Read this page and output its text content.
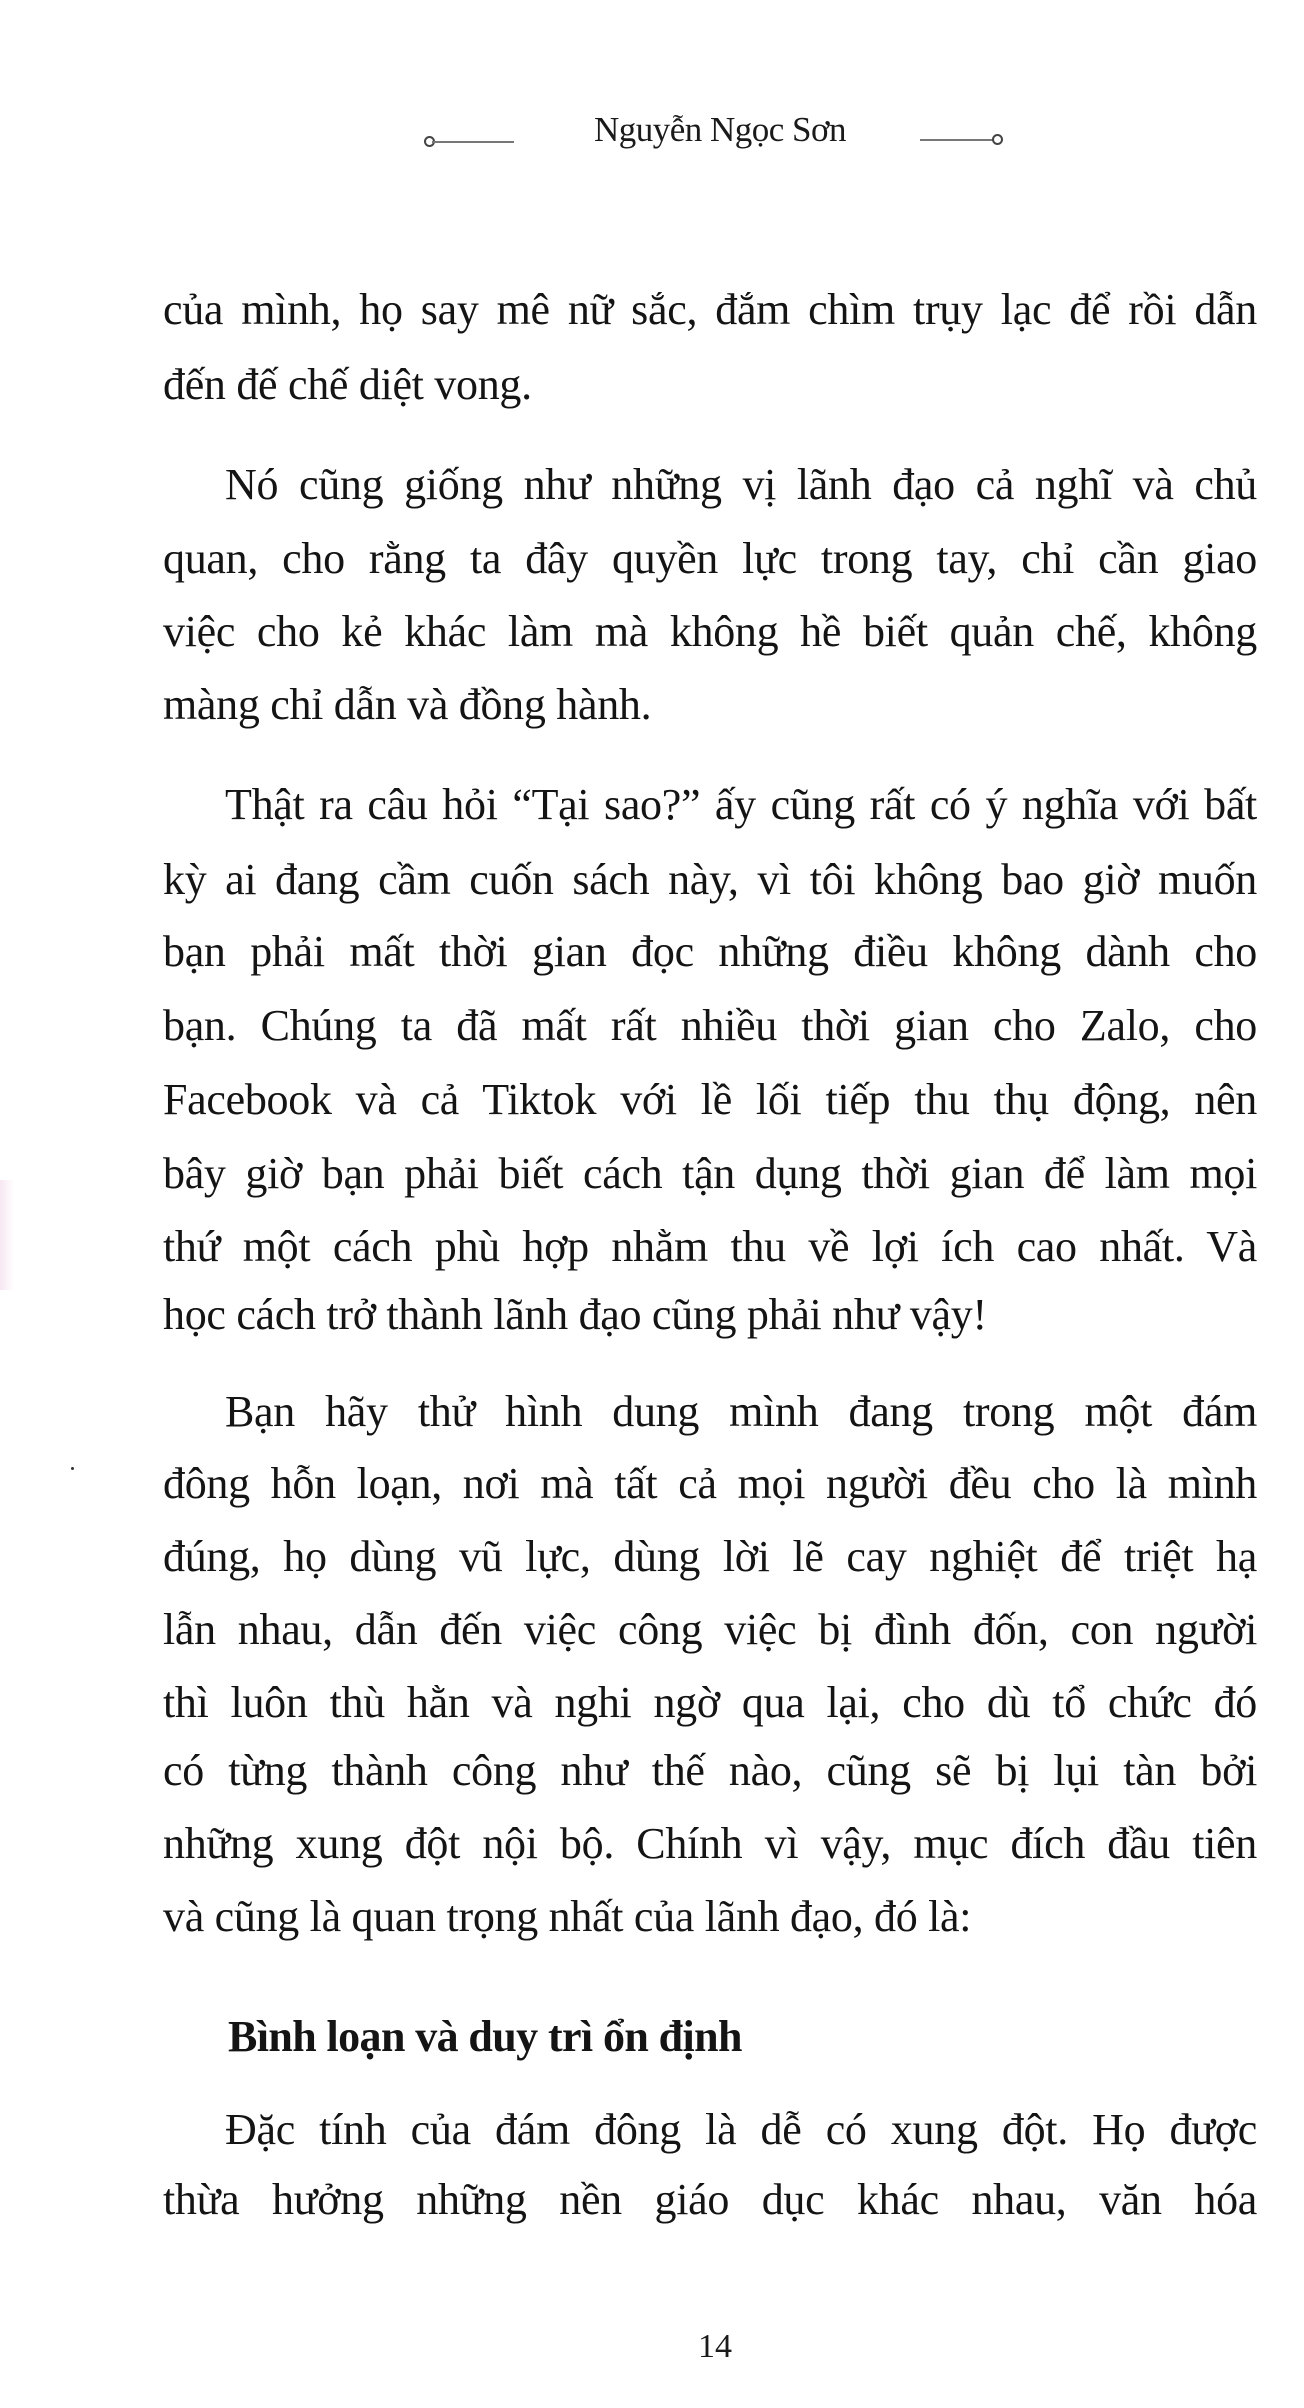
Nguyễn Ngọc Sơn
của mình, họ say mê nữ sắc, đắm chìm trụy lạc để rồi dẫn
đến đế chế diệt vong.
Nó cũng giống như những vị lãnh đạo cả nghĩ và chủ
quan, cho rằng ta đây quyền lực trong tay, chỉ cần giao
việc cho kẻ khác làm mà không hề biết quản chế, không
màng chỉ dẫn và đồng hành.
Thật ra câu hỏi “Tại sao?” ấy cũng rất có ý nghĩa với bất
kỳ ai đang cầm cuốn sách này, vì tôi không bao giờ muốn
bạn phải mất thời gian đọc những điều không dành cho
bạn. Chúng ta đã mất rất nhiều thời gian cho Zalo, cho
Facebook và cả Tiktok với lề lối tiếp thu thụ động, nên
bây giờ bạn phải biết cách tận dụng thời gian để làm mọi
thứ một cách phù hợp nhằm thu về lợi ích cao nhất. Và
học cách trở thành lãnh đạo cũng phải như vậy!
Bạn hãy thử hình dung mình đang trong một đám
đông hỗn loạn, nơi mà tất cả mọi người đều cho là mình
đúng, họ dùng vũ lực, dùng lời lẽ cay nghiệt để triệt hạ
lẫn nhau, dẫn đến việc công việc bị đình đốn, con người
thì luôn thù hằn và nghi ngờ qua lại, cho dù tổ chức đó
có từng thành công như thế nào, cũng sẽ bị lụi tàn bởi
những xung đột nội bộ. Chính vì vậy, mục đích đầu tiên
và cũng là quan trọng nhất của lãnh đạo, đó là:
Bình loạn và duy trì ổn định
Đặc tính của đám đông là dễ có xung đột. Họ được
thừa hưởng những nền giáo dục khác nhau, văn hóa
14
